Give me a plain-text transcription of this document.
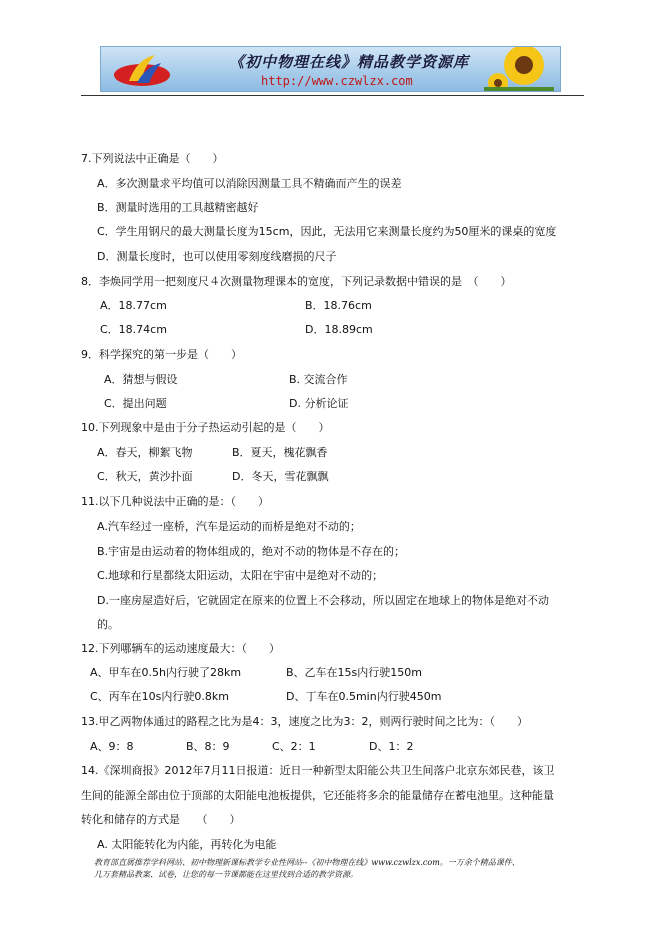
《初中物理在线》精品教学资源库
http://www.czwlzx.com
7.下列说法中正确是（　　）
A．多次测量求平均值可以消除因测量工具不精确而产生的误差
B．测量时选用的工具越精密越好
C．学生用钢尺的最大测量长度为15cm，因此，无法用它来测量长度约为50厘米的课桌的宽度
D．测量长度时，也可以使用零刻度线磨损的尺子
8．李焕同学用一把刻度尺４次测量物理课本的宽度，下列记录数据中错误的是　（　　）
A．18.77cm	B．18.76cm
C．18.74cm	D．18.89cm
9．科学探究的第一步是（　　）
A．猜想与假设	B. 交流合作
C．提出问题	D. 分析论证
10.下列现象中是由于分子热运动引起的是（　　）
A．春天，柳絮飞物	B．夏天，槐花飘香
C．秋天，黄沙扑面	D．冬天，雪花飘飘
11.以下几种说法中正确的是：（　　）
A.汽车经过一座桥，汽车是运动的而桥是绝对不动的；
B.宇宙是由运动着的物体组成的，绝对不动的物体是不存在的；
C.地球和行星都绕太阳运动，太阳在宇宙中是绝对不动的；
D.一座房屋造好后，它就固定在原来的位置上不会移动，所以固定在地球上的物体是绝对不动
的。
12.下列哪辆车的运动速度最大：（　　）
A、甲车在0.5h内行驶了28km	B、乙车在15s内行驶150m
C、丙车在10s内行驶0.8km	D、丁车在0.5min内行驶450m
13.甲乙两物体通过的路程之比为是4：3，速度之比为3：2，则两行驶时间之比为：（　　）
A、9：8	B、8：9	C、2：1	D、1：2
14.《深圳商报》2012年7月11日报道：近日一种新型太阳能公共卫生间落户北京东郊民巷，该卫
生间的能源全部由位于顶部的太阳能电池板提供，它还能将多余的能量储存在蓄电池里。这种能量
转化和储存的方式是　　（　　）
A. 太阳能转化为内能，再转化为电能
教育部直属推荐学科网站、初中物理新课标教学专业性网站--《初中物理在线》www.czwlzx.com。一万余个精品课件、
几万套精品教案、试卷，让您的每一节课都能在这里找到合适的教学资源。
